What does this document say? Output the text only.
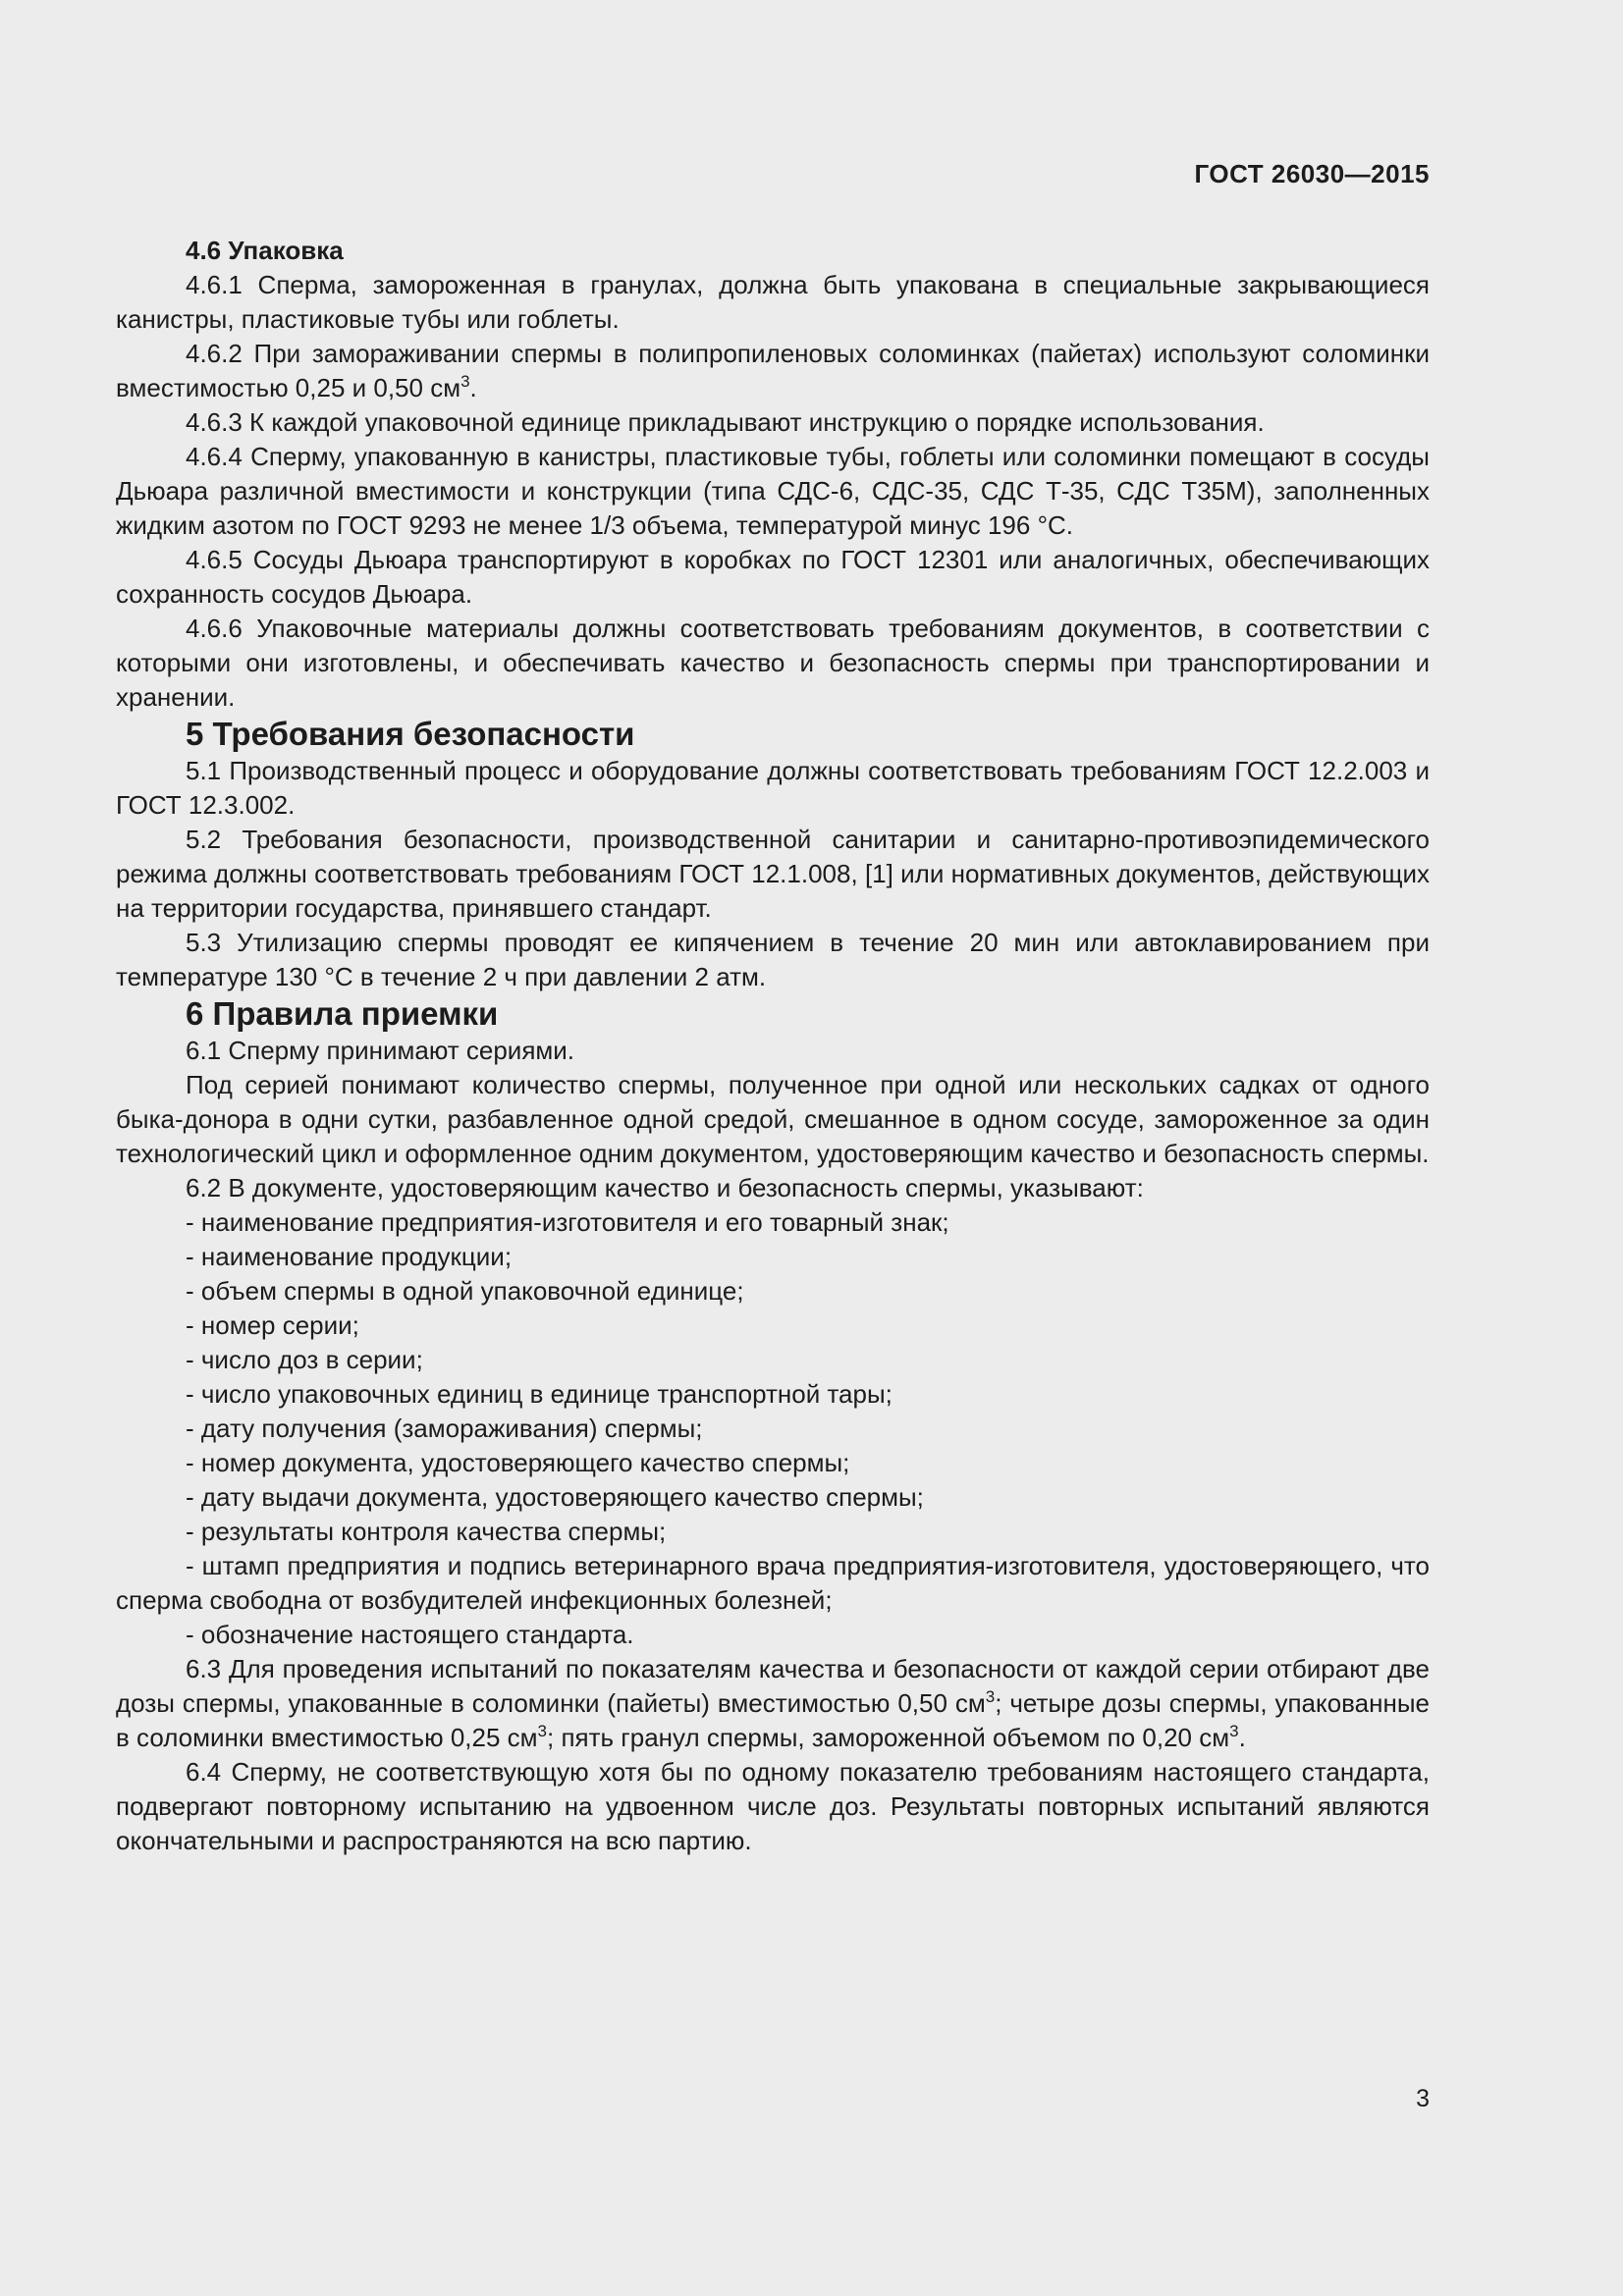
ГОСТ 26030—2015

4.6 Упаковка

4.6.1 Сперма, замороженная в гранулах, должна быть упакована в специальные закрывающиеся канистры, пластиковые тубы или гоблеты.

4.6.2 При замораживании спермы в полипропиленовых соломинках (пайетах) используют соломинки вместимостью 0,25 и 0,50 $см^3$.

4.6.3 К каждой упаковочной единице прикладывают инструкцию о порядке использования.

4.6.4 Сперму, упакованную в канистры, пластиковые тубы, гоблеты или соломинки помещают в сосуды Дьюара различной вместимости и конструкции (типа СДС-6, СДС-35, СДС Т-35, СДС Т35М), заполненных жидким азотом по ГОСТ 9293 не менее 1/3 объема, температурой минус 196 °С.

4.6.5 Сосуды Дьюара транспортируют в коробках по ГОСТ 12301 или аналогичных, обеспечивающих сохранность сосудов Дьюара.

4.6.6 Упаковочные материалы должны соответствовать требованиям документов, в соответствии с которыми они изготовлены, и обеспечивать качество и безопасность спермы при транспортировании и хранении.

5 Требования безопасности

5.1 Производственный процесс и оборудование должны соответствовать требованиям ГОСТ 12.2.003 и ГОСТ 12.3.002.

5.2 Требования безопасности, производственной санитарии и санитарно-противоэпидемического режима должны соответствовать требованиям ГОСТ 12.1.008, [1] или нормативных документов, действующих на территории государства, принявшего стандарт.

5.3 Утилизацию спермы проводят ее кипячением в течение 20 мин или автоклавированием при температуре 130 °С в течение 2 ч при давлении 2 атм.

6 Правила приемки

6.1 Сперму принимают сериями.

Под серией понимают количество спермы, полученное при одной или нескольких садках от одного быка-донора в одни сутки, разбавленное одной средой, смешанное в одном сосуде, замороженное за один технологический цикл и оформленное одним документом, удостоверяющим качество и безопасность спермы.

6.2 В документе, удостоверяющим качество и безопасность спермы, указывают:

- наименование предприятия-изготовителя и его товарный знак;

- наименование продукции;

- объем спермы в одной упаковочной единице;

- номер серии;

- число доз в серии;

- число упаковочных единиц в единице транспортной тары;

- дату получения (замораживания) спермы;

- номер документа, удостоверяющего качество спермы;

- дату выдачи документа, удостоверяющего качество спермы;

- результаты контроля качества спермы;

- штамп предприятия и подпись ветеринарного врача предприятия-изготовителя, удостоверяющего, что сперма свободна от возбудителей инфекционных болезней;

- обозначение настоящего стандарта.

6.3 Для проведения испытаний по показателям качества и безопасности от каждой серии отбирают две дозы спермы, упакованные в соломинки (пайеты) вместимостью 0,50 $см^3$; четыре дозы спермы, упакованные в соломинки вместимостью 0,25 $см^3$; пять гранул спермы, замороженной объемом по 0,20 $см^3$.

6.4 Сперму, не соответствующую хотя бы по одному показателю требованиям настоящего стандарта, подвергают повторному испытанию на удвоенном числе доз. Результаты повторных испытаний являются окончательными и распространяются на всю партию.

3
